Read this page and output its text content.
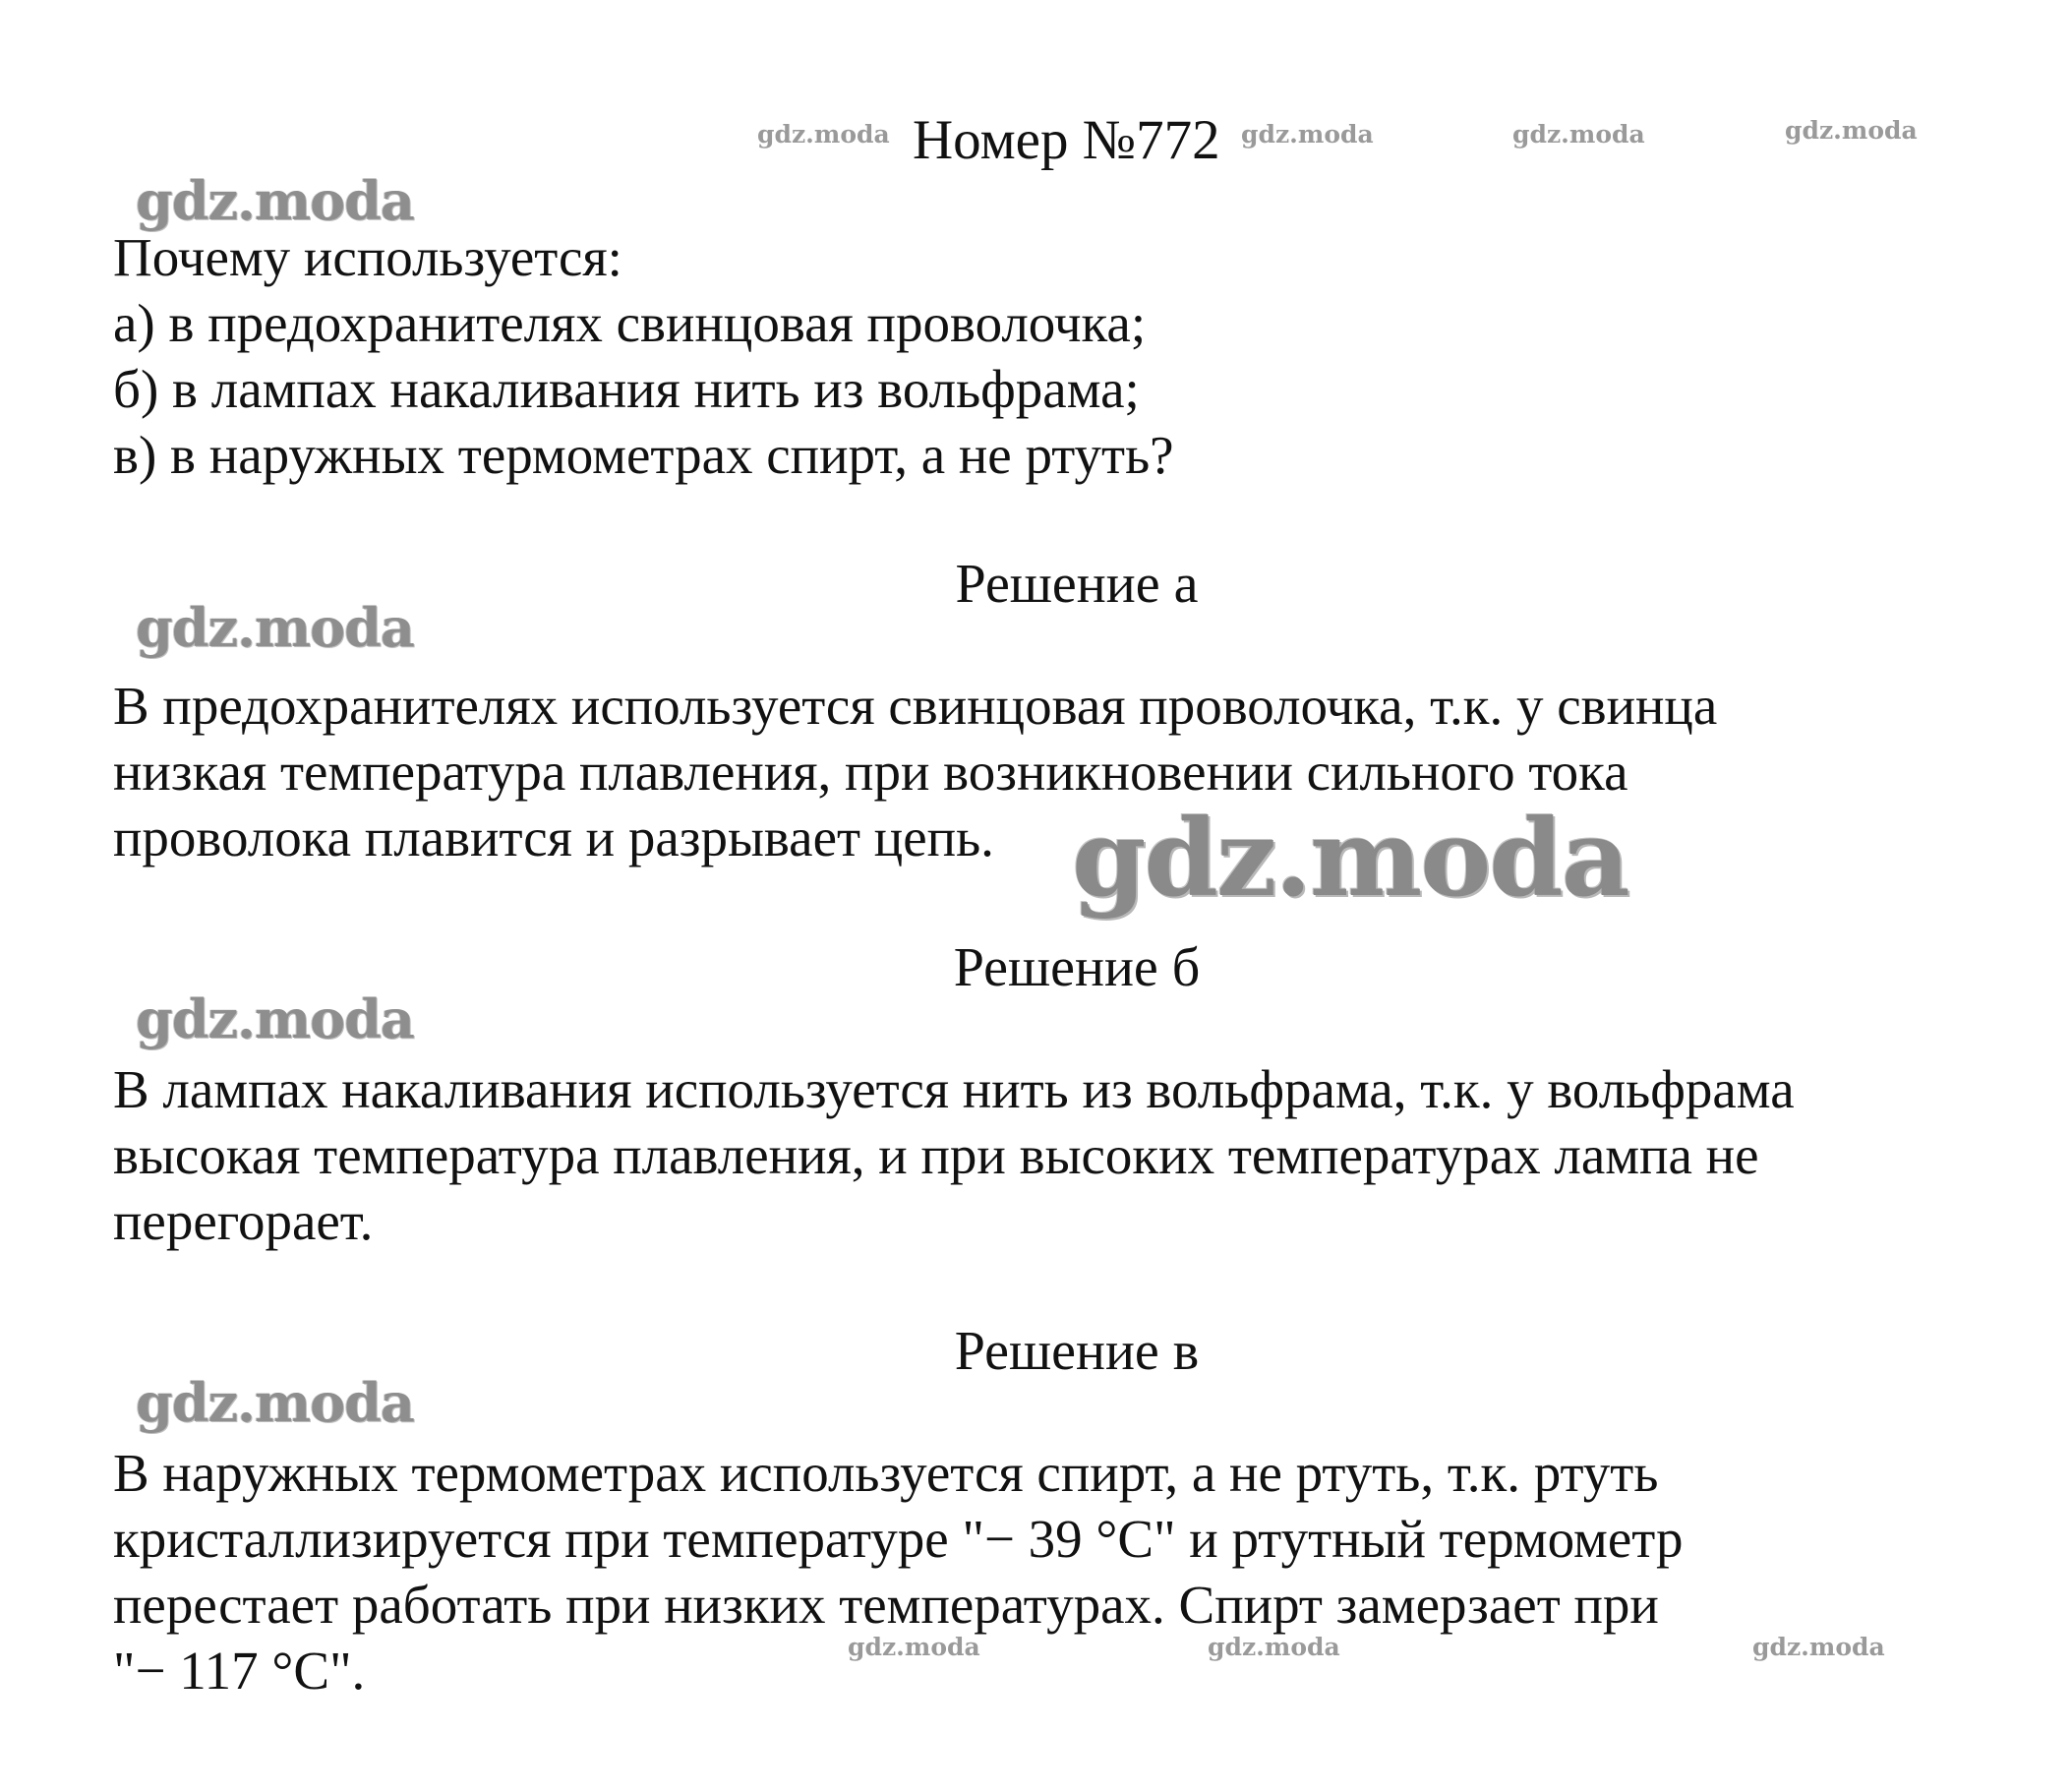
gdz.moda	gdz.moda	gdz.moda	gdz.moda
Номер №772
gdz.moda
Почему используется:
а) в предохранителях свинцовая проволочка;
б) в лампах накаливания нить из вольфрама;
в) в наружных термометрах спирт, а не ртуть?
Решение а
gdz.moda
В предохранителях используется свинцовая проволочка, т.к. у свинца
низкая температура плавления, при возникновении сильного тока
проволока плавится и разрывает цепь. gdz.moda
Решение б
gdz.moda
В лампах накаливания используется нить из вольфрама, т.к. у вольфрама
высокая температура плавления, и при высоких температурах лампа не
перегорает.
Решение в
gdz.moda
В наружных термометрах используется спирт, а не ртуть, т.к. ртуть
кристаллизируется при температуре "− 39 °C" и ртутный термометр
перестает работать при низких температурах. Спирт замерзает при
"− 117 °C".	gdz.moda	gdz.moda	gdz.moda
